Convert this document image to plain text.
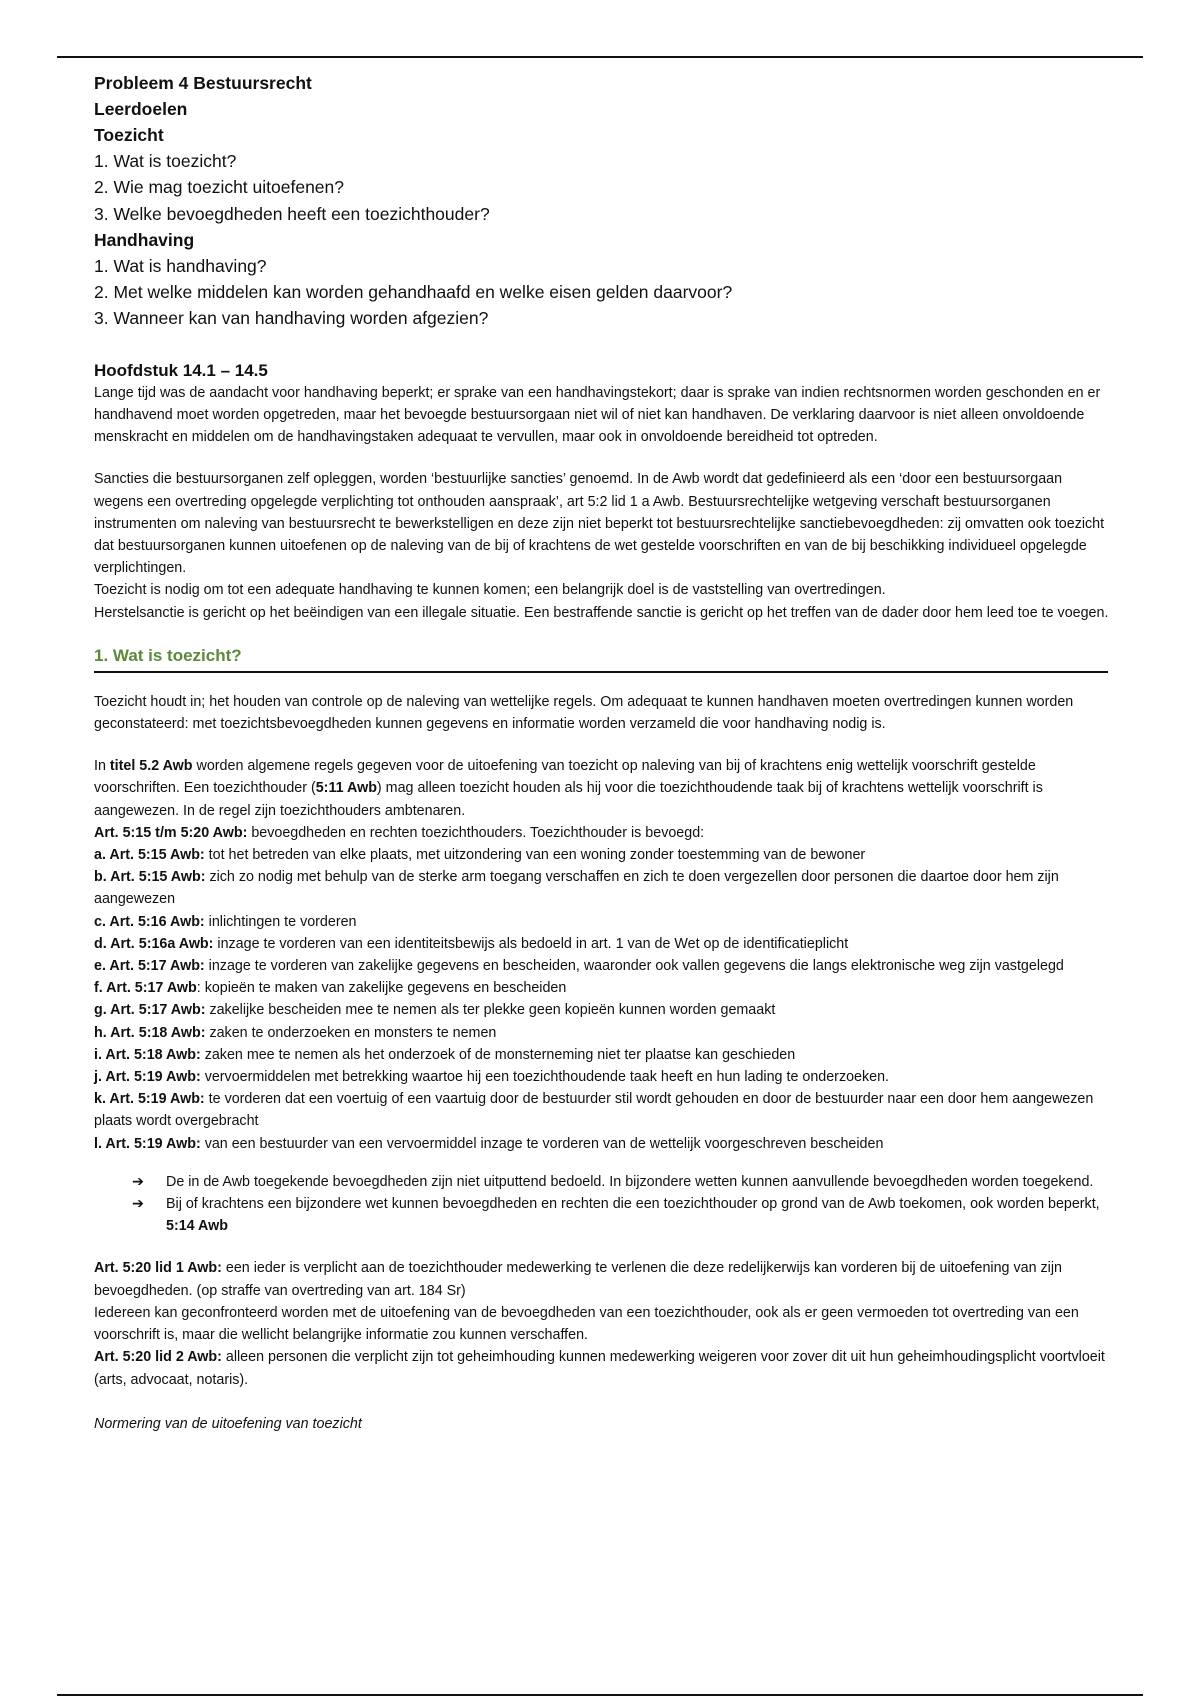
Probleem 4 Bestuursrecht

Leerdoelen

Toezicht

1. Wat is toezicht?
2. Wie mag toezicht uitoefenen?
3. Welke bevoegdheden heeft een toezichthouder?

Handhaving

1. Wat is handhaving?
2. Met welke middelen kan worden gehandhaafd en welke eisen gelden daarvoor?
3. Wanneer kan van handhaving worden afgezien?

Hoofdstuk 14.1 – 14.5

Lange tijd was de aandacht voor handhaving beperkt; er sprake van een handhavingstekort; daar is sprake van indien rechtsnormen worden geschonden en er handhavend moet worden opgetreden, maar het bevoegde bestuursorgaan niet wil of niet kan handhaven. De verklaring daarvoor is niet alleen onvoldoende menskracht en middelen om de handhavingstaken adequaat te vervullen, maar ook in onvoldoende bereidheid tot optreden.

Sancties die bestuursorganen zelf opleggen, worden ‘bestuurlijke sancties’ genoemd. In de Awb wordt dat gedefinieerd als een ‘door een bestuursorgaan wegens een overtreding opgelegde verplichting tot onthouden aanspraak’, art 5:2 lid 1 a Awb. Bestuursrechtelijke wetgeving verschaft bestuursorganen instrumenten om naleving van bestuursrecht te bewerkstelligen en deze zijn niet beperkt tot bestuursrechtelijke sanctiebevoegdheden: zij omvatten ook toezicht dat bestuursorganen kunnen uitoefenen op de naleving van de bij of krachtens de wet gestelde voorschriften en van de bij beschikking individueel opgelegde verplichtingen.

Toezicht is nodig om tot een adequate handhaving te kunnen komen; een belangrijk doel is de vaststelling van overtredingen.

Herstelsanctie is gericht op het beëindigen van een illegale situatie. Een bestraffende sanctie is gericht op het treffen van de dader door hem leed toe te voegen.

1. Wat is toezicht?

Toezicht houdt in; het houden van controle op de naleving van wettelijke regels. Om adequaat te kunnen handhaven moeten overtredingen kunnen worden geconstateerd: met toezichtsbevoegdheden kunnen gegevens en informatie worden verzameld die voor handhaving nodig is.

In titel 5.2 Awb worden algemene regels gegeven voor de uitoefening van toezicht op naleving van bij of krachtens enig wettelijk voorschrift gestelde voorschriften. Een toezichthouder (5:11 Awb) mag alleen toezicht houden als hij voor die toezichthoudende taak bij of krachtens wettelijk voorschrift is aangewezen. In de regel zijn toezichthouders ambtenaren.

Art. 5:15 t/m 5:20 Awb: bevoegdheden en rechten toezichthouders. Toezichthouder is bevoegd:

a. Art. 5:15 Awb: tot het betreden van elke plaats, met uitzondering van een woning zonder toestemming van de bewoner

b. Art. 5:15 Awb: zich zo nodig met behulp van de sterke arm toegang verschaffen en zich te doen vergezellen door personen die daartoe door hem zijn aangewezen

c. Art. 5:16 Awb: inlichtingen te vorderen

d. Art. 5:16a Awb: inzage te vorderen van een identiteitsbewijs als bedoeld in art. 1 van de Wet op de identificatieplicht

e. Art. 5:17 Awb: inzage te vorderen van zakelijke gegevens en bescheiden, waaronder ook vallen gegevens die langs elektronische weg zijn vastgelegd

f. Art. 5:17 Awb: kopieën te maken van zakelijke gegevens en bescheiden

g. Art. 5:17 Awb: zakelijke bescheiden mee te nemen als ter plekke geen kopieën kunnen worden gemaakt

h. Art. 5:18 Awb: zaken te onderzoeken en monsters te nemen

i. Art. 5:18 Awb: zaken mee te nemen als het onderzoek of de monsterneming niet ter plaatse kan geschieden

j. Art. 5:19 Awb: vervoermiddelen met betrekking waartoe hij een toezichthoudende taak heeft en hun lading te onderzoeken.

k. Art. 5:19 Awb: te vorderen dat een voertuig of een vaartuig door de bestuurder stil wordt gehouden en door de bestuurder naar een door hem aangewezen plaats wordt overgebracht

l. Art. 5:19 Awb: van een bestuurder van een vervoermiddel inzage te vorderen van de wettelijk voorgeschreven bescheiden

➔	De in de Awb toegekende bevoegdheden zijn niet uitputtend bedoeld. In bijzondere wetten kunnen aanvullende bevoegdheden worden toegekend.
➔	Bij of krachtens een bijzondere wet kunnen bevoegdheden en rechten die een toezichthouder op grond van de Awb toekomen, ook worden beperkt, 5:14 Awb

Art. 5:20 lid 1 Awb: een ieder is verplicht aan de toezichthouder medewerking te verlenen die deze redelijkerwijs kan vorderen bij de uitoefening van zijn bevoegdheden. (op straffe van overtreding van art. 184 Sr)

Iedereen kan geconfronteerd worden met de uitoefening van de bevoegdheden van een toezichthouder, ook als er geen vermoeden tot overtreding van een voorschrift is, maar die wellicht belangrijke informatie zou kunnen verschaffen.

Art. 5:20 lid 2 Awb: alleen personen die verplicht zijn tot geheimhouding kunnen medewerking weigeren voor zover dit uit hun geheimhoudingsplicht voortvloeit (arts, advocaat, notaris).

Normering van de uitoefening van toezicht
